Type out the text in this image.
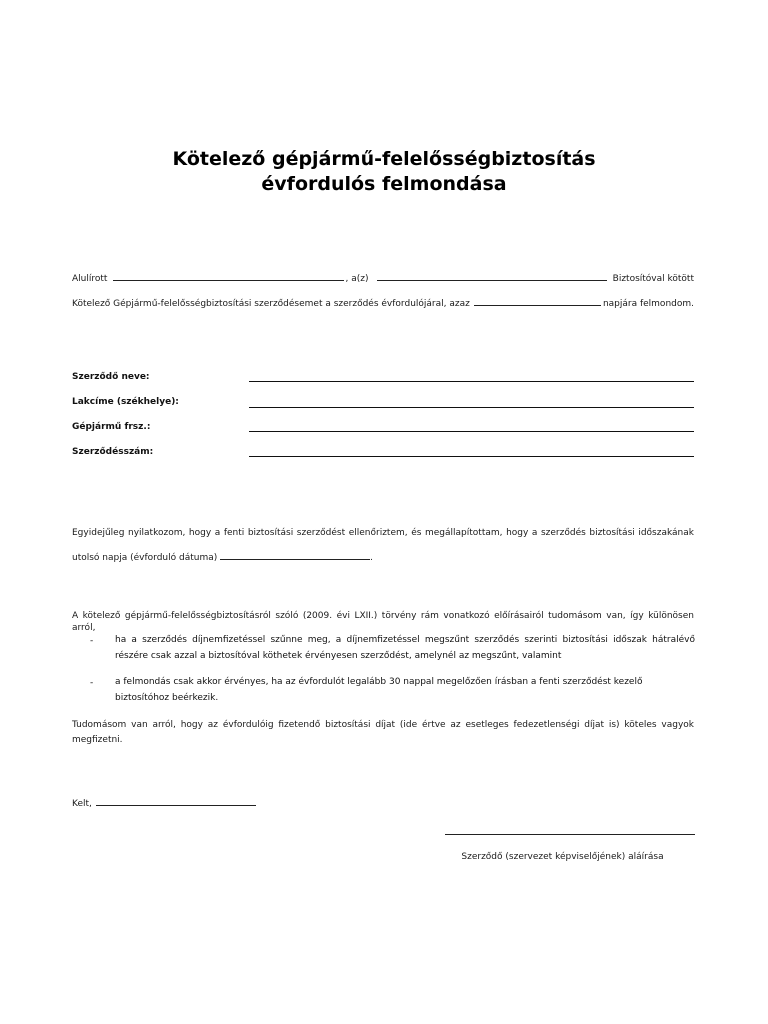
Kötelező gépjármű-felelősségbiztosítás
évfordulós felmondása
Alulírott	, a(z)	Biztosítóval kötött
Kötelező Gépjármű-felelősségbiztosítási szerződésemet a szerződés évfordulójáral, azaz	napjára felmondom.
Szerződő neve:
Lakcíme (székhelye):
Gépjármű frsz.:
Szerződésszám:
Egyidejűleg nyilatkozom, hogy a fenti biztosítási szerződést ellenőriztem, és megállapítottam, hogy a szerződés biztosítási időszakának utolsó napja (évforduló dátuma)	.
A kötelező gépjármű-felelősségbiztosításról szóló (2009. évi LXII.) törvény rám vonatkozó előírásairól tudomásom van, így különösen arról,
- ha a szerződés díjnemfizetéssel szűnne meg, a díjnemfizetéssel megszűnt szerződés szerinti biztosítási időszak hátralévő részére csak azzal a biztosítóval köthetek érvényesen szerződést, amelynél az megszűnt, valamint
- a felmondás csak akkor érvényes, ha az évfordulót legalább 30 nappal megelőzően írásban a fenti szerződést kezelő biztosítóhoz beérkezik.
Tudomásom van arról, hogy az évfordulóig fizetendő biztosítási díjat (ide értve az esetleges fedezetlenségi díjat is) köteles vagyok megfizetni.
Kelt,
Szerződő (szervezet képviselőjének) aláírása
